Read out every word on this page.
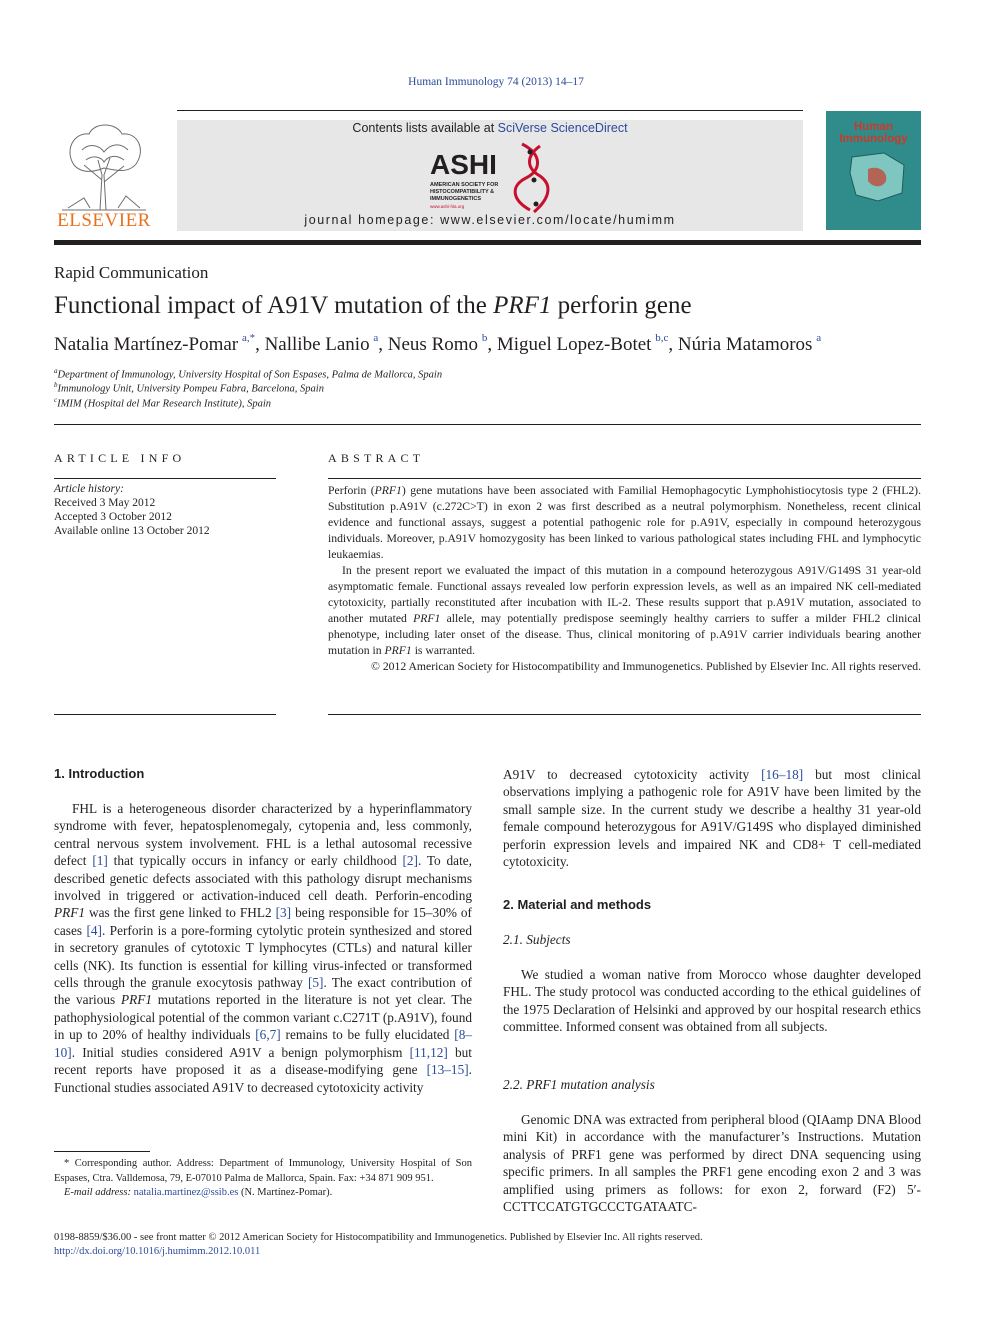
Human Immunology 74 (2013) 14–17
ELSEVIER
Contents lists available at SciVerse ScienceDirect
ASHI
AMERICAN SOCIETY FOR
HISTOCOMPATIBILITY &
IMMUNOGENETICS
www.ashi-hla.org
journal homepage: www.elsevier.com/locate/humimm
Human
Immunology
Rapid Communication
Functional impact of A91V mutation of the PRF1 perforin gene
Natalia Martínez-Pomar  $^{a,*}$, Nallibe Lanio  $^a$, Neus Romo  $^b$, Miguel Lopez-Botet  $^{b,c}$, Núria Matamoros  $^a$
$^a$Department of Immunology, University Hospital of Son Espases, Palma de Mallorca, Spain
$^b$Immunology Unit, University Pompeu Fabra, Barcelona, Spain
$^c$IMIM (Hospital del Mar Research Institute), Spain
ARTICLE INFO
Article history:
Received 3 May 2012
Accepted 3 October 2012
Available online 13 October 2012
ABSTRACT

Perforin (PRF1) gene mutations have been associated with Familial Hemophagocytic Lymphohistiocytosis type 2 (FHL2). Substitution p.A91V (c.272C>T) in exon 2 was first described as a neutral polymorphism. Nonetheless, recent clinical evidence and functional assays, suggest a potential pathogenic role for p.A91V, especially in compound heterozygous individuals. Moreover, p.A91V homozygosity has been linked to various pathological states including FHL and lymphocytic leukaemias.

In the present report we evaluated the impact of this mutation in a compound heterozygous A91V/G149S 31 year-old asymptomatic female. Functional assays revealed low perforin expression levels, as well as an impaired NK cell-mediated cytotoxicity, partially reconstituted after incubation with IL-2. These results support that p.A91V mutation, associated to another mutated PRF1 allele, may potentially predispose seemingly healthy carriers to suffer a milder FHL2 clinical phenotype, including later onset of the disease. Thus, clinical monitoring of p.A91V carrier individuals bearing another mutation in PRF1 is warranted.

© 2012 American Society for Histocompatibility and Immunogenetics. Published by Elsevier Inc. All rights reserved.

1. Introduction

FHL is a heterogeneous disorder characterized by a hyperinflammatory syndrome with fever, hepatosplenomegaly, cytopenia and, less commonly, central nervous system involvement. FHL is a lethal autosomal recessive defect [1] that typically occurs in infancy or early childhood [2]. To date, described genetic defects associated with this pathology disrupt mechanisms involved in triggered or activation-induced cell death. Perforin-encoding PRF1 was the first gene linked to FHL2 [3] being responsible for 15–30% of cases [4]. Perforin is a pore-forming cytolytic protein synthesized and stored in secretory granules of cytotoxic T lymphocytes (CTLs) and natural killer cells (NK). Its function is essential for killing virus-infected or transformed cells through the granule exocytosis pathway [5]. The exact contribution of the various PRF1 mutations reported in the literature is not yet clear. The pathophysiological potential of the common variant c.C271T (p.A91V), found in up to 20% of healthy individuals [6,7] remains to be fully elucidated [8–10]. Initial studies considered A91V a benign polymorphism [11,12] but recent reports have proposed it as a disease-modifying gene [13–15]. Functional studies associated A91V to decreased cytotoxicity activity

* Corresponding author. Address: Department of Immunology, University Hospital of Son Espases, Ctra. Valldemosa, 79, E-07010 Palma de Mallorca, Spain. Fax: +34 871 909 951.
E-mail address: natalia.martinez@ssib.es (N. Martínez-Pomar).

A91V to decreased cytotoxicity activity [16–18] but most clinical observations implying a pathogenic role for A91V have been limited by the small sample size. In the current study we describe a healthy 31 year-old female compound heterozygous for A91V/G149S who displayed diminished perforin expression levels and impaired NK and CD8+ T cell-mediated cytotoxicity.

2. Material and methods
2.1. Subjects

We studied a woman native from Morocco whose daughter developed FHL. The study protocol was conducted according to the ethical guidelines of the 1975 Declaration of Helsinki and approved by our hospital research ethics committee. Informed consent was obtained from all subjects.

2.2. PRF1 mutation analysis

Genomic DNA was extracted from peripheral blood (QIAamp DNA Blood mini Kit) in accordance with the manufacturer’s Instructions. Mutation analysis of PRF1 gene was performed by direct DNA sequencing using specific primers. In all samples the PRF1 gene encoding exon 2 and 3 was amplified using primers as follows: for exon 2, forward (F2) 5′-CCTTCCATGTGCCCTGATAATC-

0198-8859/$36.00 - see front matter © 2012 American Society for Histocompatibility and Immunogenetics. Published by Elsevier Inc. All rights reserved.
http://dx.doi.org/10.1016/j.humimm.2012.10.011
